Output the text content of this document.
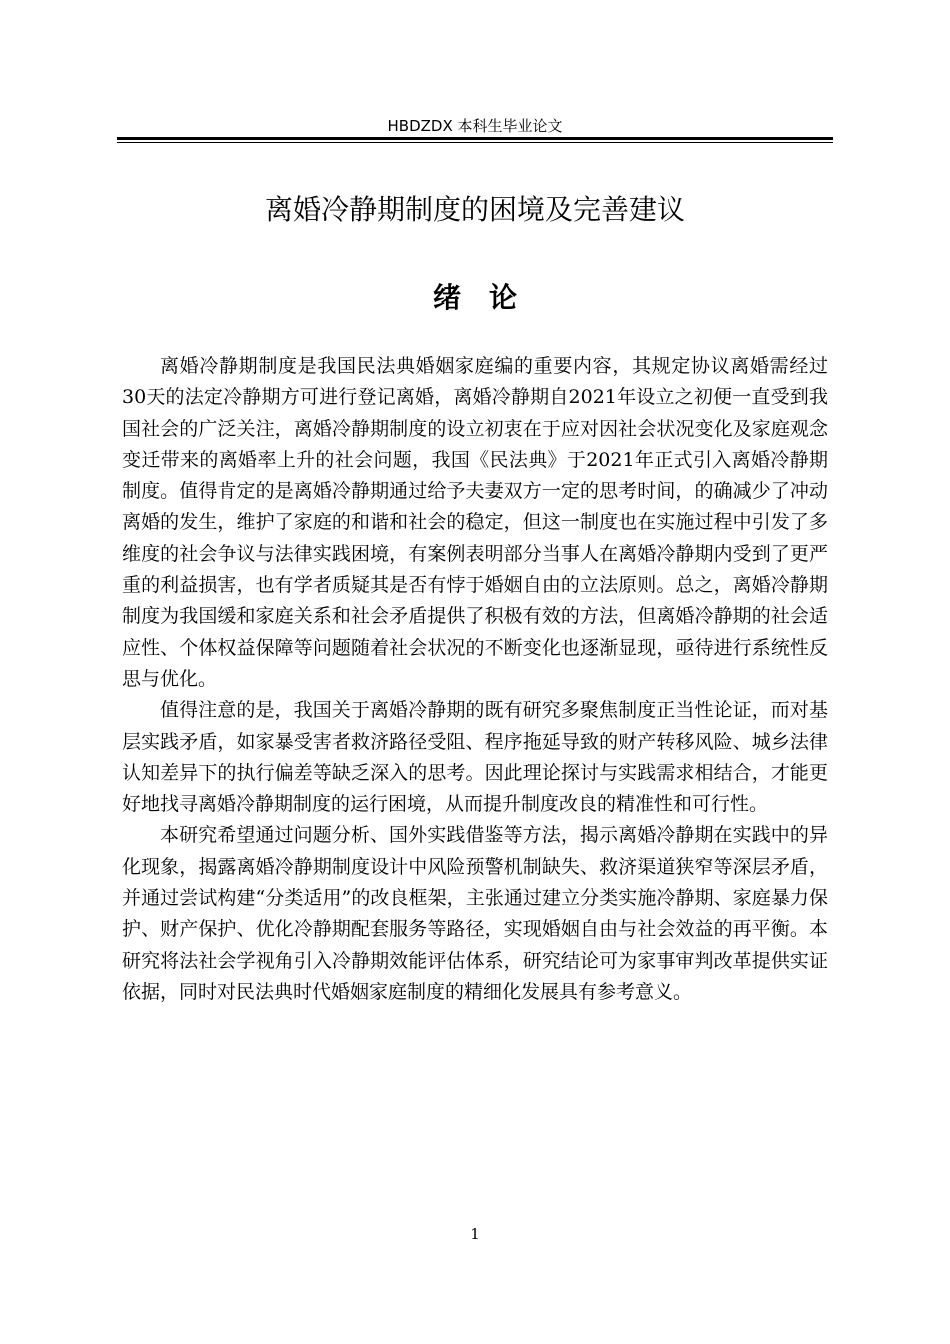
HBDZDX 本科生毕业论文
离婚冷静期制度的困境及完善建议
绪论

离婚冷静期制度是我国民法典婚姻家庭编的重要内容，其规定协议离婚需经过30天的法定冷静期方可进行登记离婚，离婚冷静期自2021年设立之初便一直受到我国社会的广泛关注，离婚冷静期制度的设立初衷在于应对因社会状况变化及家庭观念变迁带来的离婚率上升的社会问题，我国《民法典》于2021年正式引入离婚冷静期制度。值得肯定的是离婚冷静期通过给予夫妻双方一定的思考时间，的确减少了冲动离婚的发生，维护了家庭的和谐和社会的稳定，但这一制度也在实施过程中引发了多维度的社会争议与法律实践困境，有案例表明部分当事人在离婚冷静期内受到了更严重的利益损害，也有学者质疑其是否有悖于婚姻自由的立法原则。总之，离婚冷静期制度为我国缓和家庭关系和社会矛盾提供了积极有效的方法，但离婚冷静期的社会适应性、个体权益保障等问题随着社会状况的不断变化也逐渐显现，亟待进行系统性反思与优化。

值得注意的是，我国关于离婚冷静期的既有研究多聚焦制度正当性论证，而对基层实践矛盾，如家暴受害者救济路径受阻、程序拖延导致的财产转移风险、城乡法律认知差异下的执行偏差等缺乏深入的思考。因此理论探讨与实践需求相结合，才能更好地找寻离婚冷静期制度的运行困境，从而提升制度改良的精准性和可行性。

本研究希望通过问题分析、国外实践借鉴等方法，揭示离婚冷静期在实践中的异化现象，揭露离婚冷静期制度设计中风险预警机制缺失、救济渠道狭窄等深层矛盾，并通过尝试构建“分类适用”的改良框架，主张通过建立分类实施冷静期、家庭暴力保护、财产保护、优化冷静期配套服务等路径，实现婚姻自由与社会效益的再平衡。本研究将法社会学视角引入冷静期效能评估体系，研究结论可为家事审判改革提供实证依据，同时对民法典时代婚姻家庭制度的精细化发展具有参考意义。

1
